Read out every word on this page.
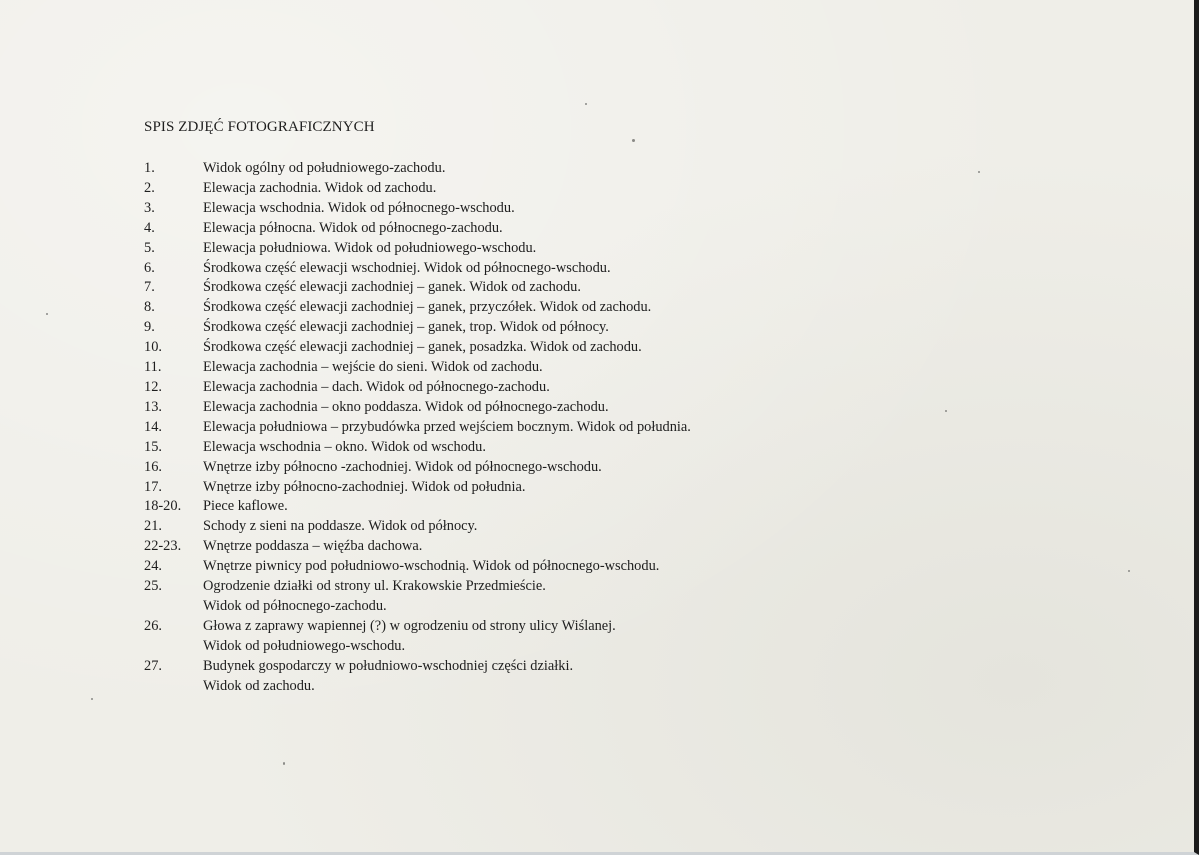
SPIS ZDJĘĆ FOTOGRAFICZNYCH
1.	Widok ogólny od południowego-zachodu.
2.	Elewacja zachodnia. Widok od zachodu.
3.	Elewacja wschodnia. Widok od północnego-wschodu.
4.	Elewacja północna. Widok od północnego-zachodu.
5.	Elewacja południowa. Widok od południowego-wschodu.
6.	Środkowa część elewacji wschodniej. Widok od północnego-wschodu.
7.	Środkowa część elewacji zachodniej – ganek. Widok od zachodu.
8.	Środkowa część elewacji zachodniej – ganek, przyczółek. Widok od zachodu.
9.	Środkowa część elewacji zachodniej – ganek, trop. Widok od północy.
10.	Środkowa część elewacji zachodniej – ganek, posadzka. Widok od zachodu.
11.	Elewacja zachodnia – wejście do sieni. Widok od zachodu.
12.	Elewacja zachodnia – dach. Widok od północnego-zachodu.
13.	Elewacja zachodnia – okno poddasza. Widok od północnego-zachodu.
14.	Elewacja południowa – przybudówka przed wejściem bocznym. Widok od południa.
15.	Elewacja wschodnia – okno. Widok od wschodu.
16.	Wnętrze izby północno -zachodniej. Widok od północnego-wschodu.
17.	Wnętrze izby północno-zachodniej. Widok od południa.
18-20.	Piece kaflowe.
21.	Schody z sieni na poddasze. Widok od północy.
22-23.	Wnętrze poddasza – więźba dachowa.
24.	Wnętrze piwnicy pod południowo-wschodnią. Widok od północnego-wschodu.
25.	Ogrodzenie działki od strony ul. Krakowskie Przedmieście.
Widok od północnego-zachodu.
26.	Głowa z zaprawy wapiennej (?) w ogrodzeniu od strony ulicy Wiślanej.
Widok od południowego-wschodu.
27.	Budynek gospodarczy w południowo-wschodniej części działki.
Widok od zachodu.
